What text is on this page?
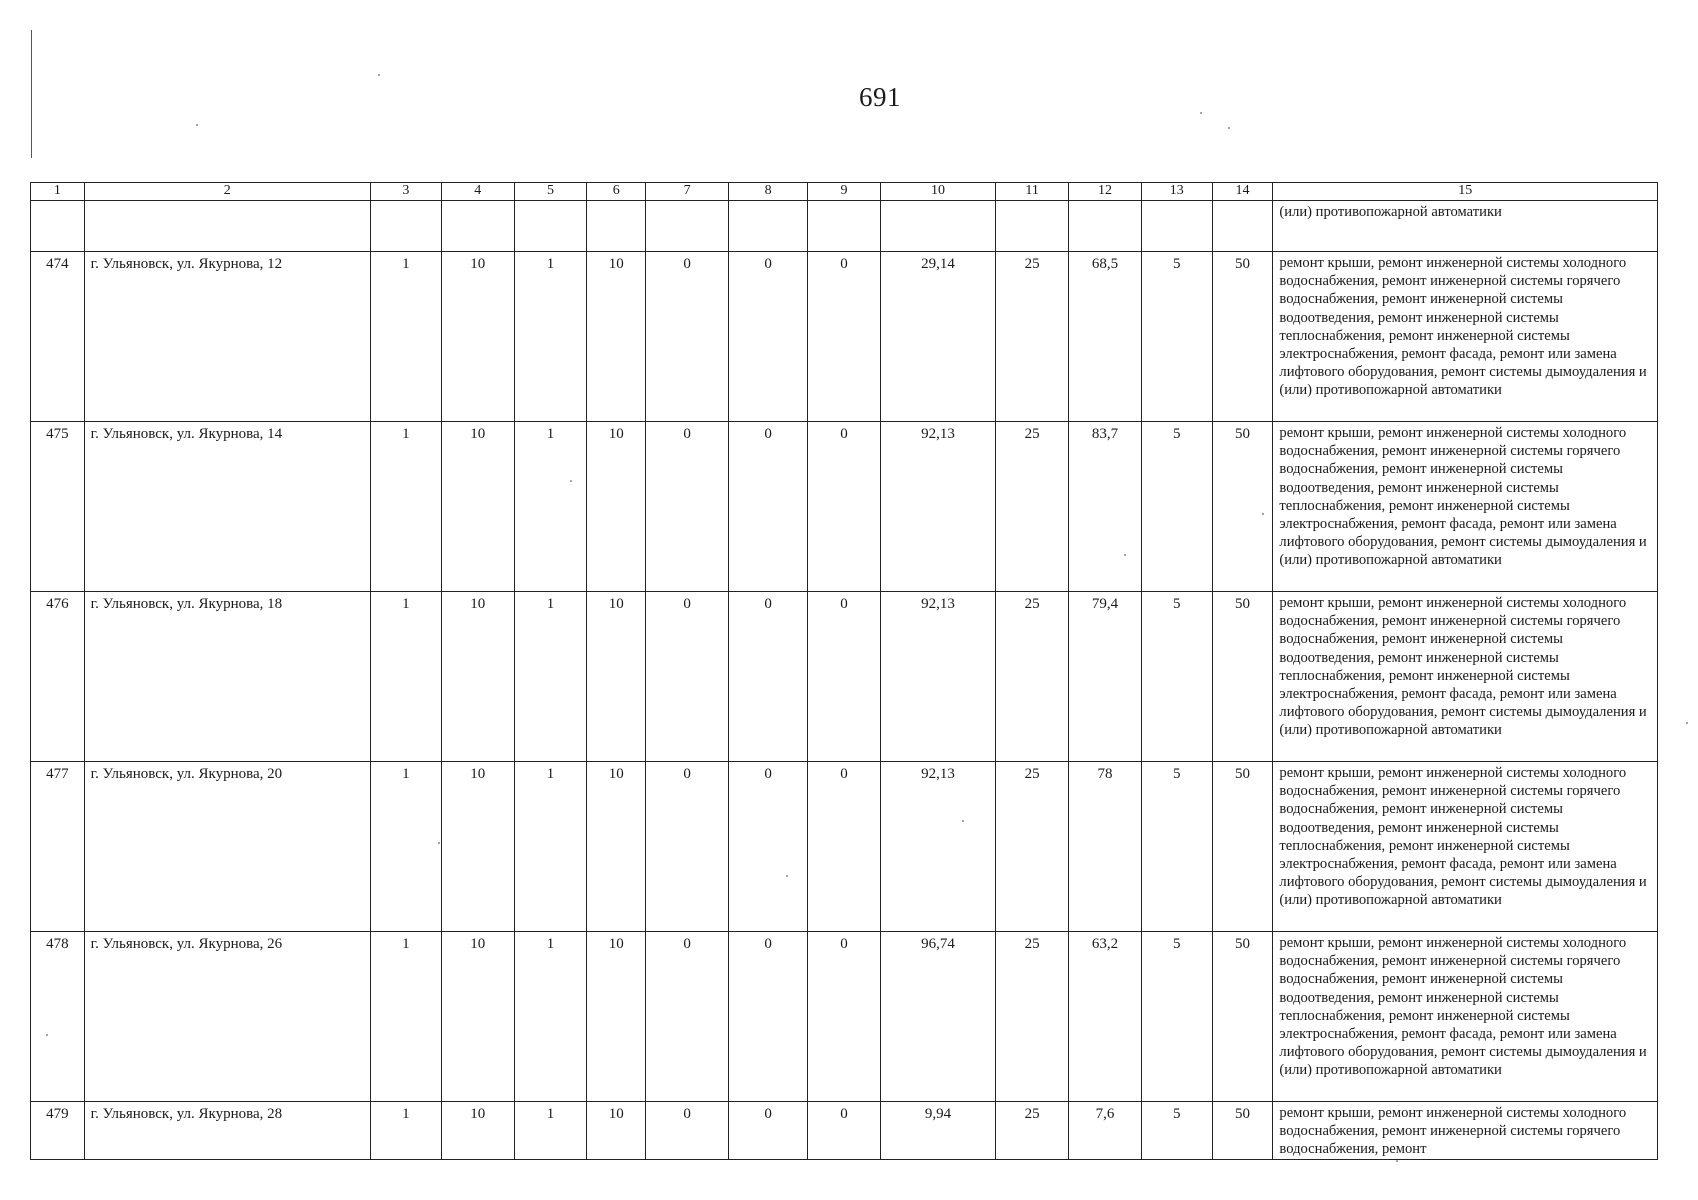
691
1	2	3	4	5	6	7	8	9	10	11	12	13	14	15
														(или) противопожарной автоматики
474	г. Ульяновск, ул. Якурнова, 12	1	10	1	10	0	0	0	29,14	25	68,5	5	50	ремонт крыши, ремонт инженерной системы холодного водоснабжения, ремонт инженерной системы горячего водоснабжения, ремонт инженерной системы водоотведения, ремонт инженерной системы теплоснабжения, ремонт инженерной системы электроснабжения, ремонт фасада, ремонт или замена лифтового оборудования, ремонт системы дымоудаления и (или) противопожарной автоматики
475	г. Ульяновск, ул. Якурнова, 14	1	10	1	10	0	0	0	92,13	25	83,7	5	50	ремонт крыши, ремонт инженерной системы холодного водоснабжения, ремонт инженерной системы горячего водоснабжения, ремонт инженерной системы водоотведения, ремонт инженерной системы теплоснабжения, ремонт инженерной системы электроснабжения, ремонт фасада, ремонт или замена лифтового оборудования, ремонт системы дымоудаления и (или) противопожарной автоматики
476	г. Ульяновск, ул. Якурнова, 18	1	10	1	10	0	0	0	92,13	25	79,4	5	50	ремонт крыши, ремонт инженерной системы холодного водоснабжения, ремонт инженерной системы горячего водоснабжения, ремонт инженерной системы водоотведения, ремонт инженерной системы теплоснабжения, ремонт инженерной системы электроснабжения, ремонт фасада, ремонт или замена лифтового оборудования, ремонт системы дымоудаления и (или) противопожарной автоматики
477	г. Ульяновск, ул. Якурнова, 20	1	10	1	10	0	0	0	92,13	25	78	5	50	ремонт крыши, ремонт инженерной системы холодного водоснабжения, ремонт инженерной системы горячего водоснабжения, ремонт инженерной системы водоотведения, ремонт инженерной системы теплоснабжения, ремонт инженерной системы электроснабжения, ремонт фасада, ремонт или замена лифтового оборудования, ремонт системы дымоудаления и (или) противопожарной автоматики
478	г. Ульяновск, ул. Якурнова, 26	1	10	1	10	0	0	0	96,74	25	63,2	5	50	ремонт крыши, ремонт инженерной системы холодного водоснабжения, ремонт инженерной системы горячего водоснабжения, ремонт инженерной системы водоотведения, ремонт инженерной системы теплоснабжения, ремонт инженерной системы электроснабжения, ремонт фасада, ремонт или замена лифтового оборудования, ремонт системы дымоудаления и (или) противопожарной автоматики
479	г. Ульяновск, ул. Якурнова, 28	1	10	1	10	0	0	0	9,94	25	7,6	5	50	ремонт крыши, ремонт инженерной системы холодного водоснабжения, ремонт инженерной системы горячего водоснабжения, ремонт
